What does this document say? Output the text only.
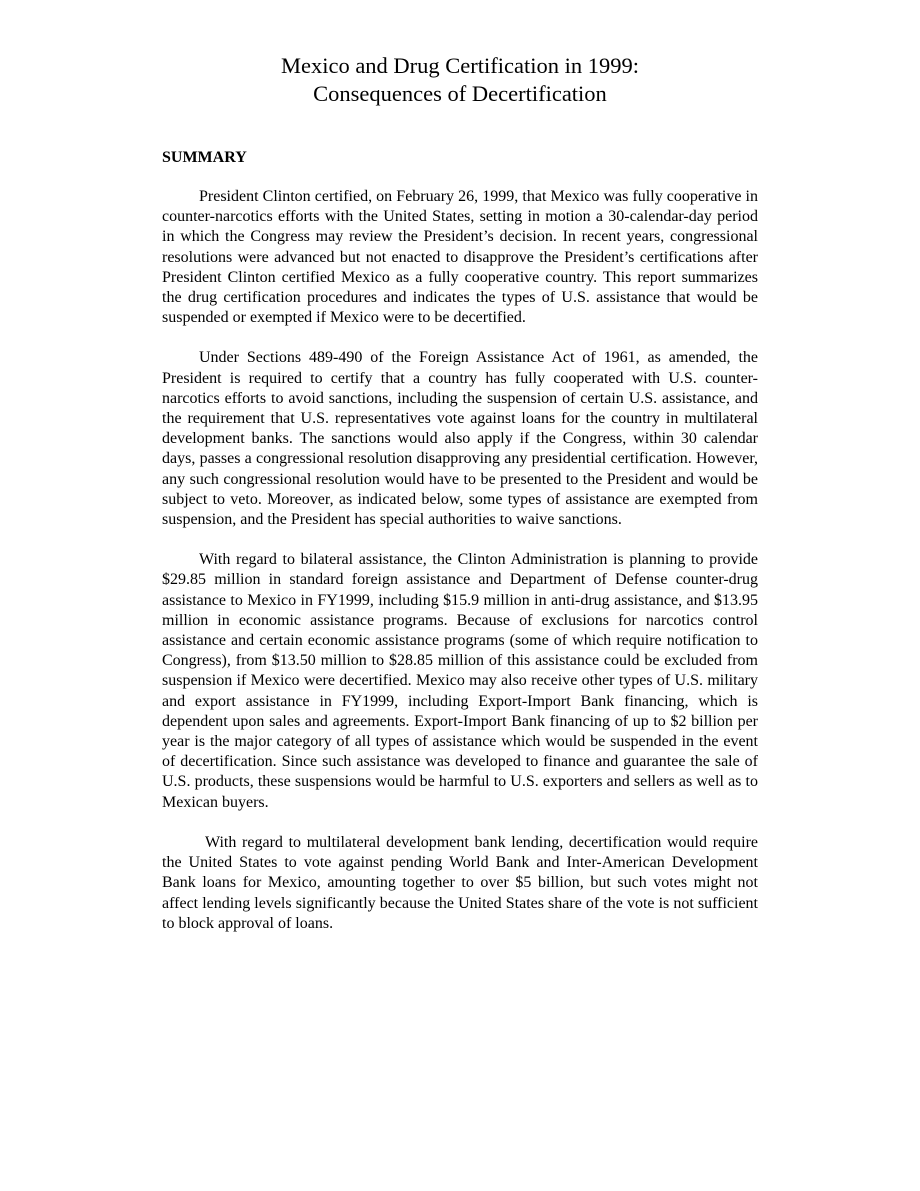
Mexico and Drug Certification in 1999:
Consequences of Decertification
SUMMARY

President Clinton certified, on February 26, 1999, that Mexico was fully cooperative in counter-narcotics efforts with the United States, setting in motion a 30-calendar-day period in which the Congress may review the President’s decision. In recent years, congressional resolutions were advanced but not enacted to disapprove the President’s certifications after President Clinton certified Mexico as a fully cooperative country. This report summarizes the drug certification procedures and indicates the types of U.S. assistance that would be suspended or exempted if Mexico were to be decertified.

Under Sections 489-490 of the Foreign Assistance Act of 1961, as amended, the President is required to certify that a country has fully cooperated with U.S. counter-narcotics efforts to avoid sanctions, including the suspension of certain U.S. assistance, and the requirement that U.S. representatives vote against loans for the country in multilateral development banks. The sanctions would also apply if the Congress, within 30 calendar days, passes a congressional resolution disapproving any presidential certification. However, any such congressional resolution would have to be presented to the President and would be subject to veto. Moreover, as indicated below, some types of assistance are exempted from suspension, and the President has special authorities to waive sanctions.

With regard to bilateral assistance, the Clinton Administration is planning to provide $29.85 million in standard foreign assistance and Department of Defense counter-drug assistance to Mexico in FY1999, including $15.9 million in anti-drug assistance, and $13.95 million in economic assistance programs. Because of exclusions for narcotics control assistance and certain economic assistance programs (some of which require notification to Congress), from $13.50 million to $28.85 million of this assistance could be excluded from suspension if Mexico were decertified. Mexico may also receive other types of U.S. military and export assistance in FY1999, including Export-Import Bank financing, which is dependent upon sales and agreements. Export-Import Bank financing of up to $2 billion per year is the major category of all types of assistance which would be suspended in the event of decertification. Since such assistance was developed to finance and guarantee the sale of U.S. products, these suspensions would be harmful to U.S. exporters and sellers as well as to Mexican buyers.

With regard to multilateral development bank lending, decertification would require the United States to vote against pending World Bank and Inter-American Development Bank loans for Mexico, amounting together to over $5 billion, but such votes might not affect lending levels significantly because the United States share of the vote is not sufficient to block approval of loans.
